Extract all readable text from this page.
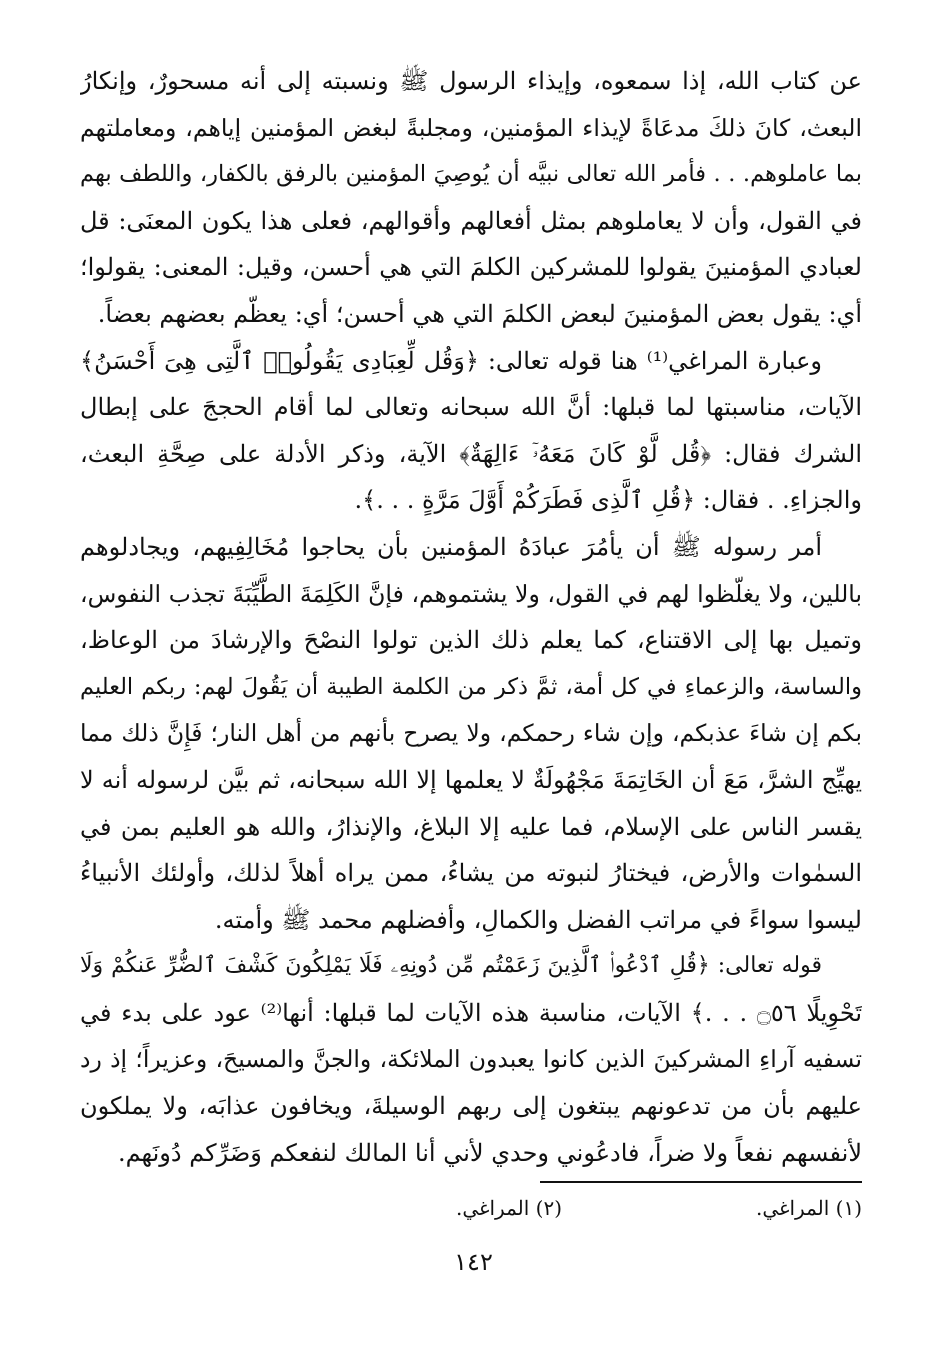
عن كتاب الله، إذا سمعوه، وإيذاء الرسول ﷺ ونسبته إلى أنه مسحورٌ، وإنكارُ
البعث، كانَ ذلكَ مدعَاةً لإيذاء المؤمنين، ومجلبةً لبغض المؤمنين إياهم، ومعاملتهم
بما عاملوهم. . . فأمر الله تعالى نبيَّه أن يُوصِيَ المؤمنين بالرفق بالكفار، واللطف بهم
في القول، وأن لا يعاملوهم بمثل أفعالهم وأقوالهم، فعلى هذا يكون المعنَى: قل
لعبادي المؤمنينَ يقولوا للمشركين الكلمَ التي هي أحسن، وقيل: المعنى: يقولوا؛
أي: يقول بعض المؤمنينَ لبعض الكلمَ التي هي أحسن؛ أي: يعظّم بعضهم بعضاً.
وعبارة المراغي⁽¹⁾ هنا قوله تعالى: ﴿وَقُل لِّعِبَادِى يَقُولُوا۟ ٱلَّتِى هِىَ أَحْسَنُ﴾
الآيات، مناسبتها لما قبلها: أنَّ الله سبحانه وتعالى لما أقام الحججَ على إبطال
الشرك فقال: ﴿قُل لَّوْ كَانَ مَعَهُۥٓ ءَالِهَةٌ﴾ الآية، وذكر الأدلة على صِحَّةِ البعث،
والجزاءِ. . فقال: ﴿قُلِ ٱلَّذِى فَطَرَكُمْ أَوَّلَ مَرَّةٍ . . .﴾.
أمر رسوله ﷺ أن يأمُرَ عبادَهُ المؤمنين بأن يحاجوا مُخَالِفِيهم، ويجادلوهم
باللين، ولا يغلّظوا لهم في القول، ولا يشتموهم، فإنَّ الكَلِمَةَ الطَّيِّبَةَ تجذب النفوس،
وتميل بها إلى الاقتناع، كما يعلم ذلك الذين تولوا النصْحَ والإرشادَ من الوعاظ،
والساسة، والزعماءِ في كل أمة، ثمَّ ذكر من الكلمة الطيبة أن يَقُولَ لهم: ربكم العليم
بكم إن شاءَ عذبكم، وإن شاء رحمكم، ولا يصرح بأنهم من أهل النار؛ فَإِنَّ ذلك مما
يهيِّج الشرَّ، مَعَ أن الخَاتِمَةَ مَجْهُولَةٌ لا يعلمها إلا الله سبحانه، ثم بيَّن لرسوله أنه لا
يقسر الناس على الإسلام، فما عليه إلا البلاغ، والإنذارُ، والله هو العليم بمن في
السمٰوات والأرض، فيختارُ لنبوته من يشاءُ، ممن يراه أهلاً لذلك، وأولئك الأنبياءُ
ليسوا سواءً في مراتب الفضل والكمالِ، وأفضلهم محمد ﷺ وأمته.
قوله تعالى: ﴿قُلِ ٱدْعُوا۟ ٱلَّذِينَ زَعَمْتُم مِّن دُونِهِۦ فَلَا يَمْلِكُونَ كَشْفَ ٱلضُّرِّ عَنكُمْ وَلَا
تَحْوِيلًا ۝٥٦ . . .﴾ الآيات، مناسبة هذه الآيات لما قبلها: أنها⁽²⁾ عود على بدء في
تسفيه آراءِ المشركينَ الذين كانوا يعبدون الملائكة، والجنَّ والمسيحَ، وعزيراً؛ إذ رد
عليهم بأن من تدعونهم يبتغون إلى ربهم الوسيلةَ، ويخافون عذابَه، ولا يملكون
لأنفسهم نفعاً ولا ضراً، فادعُوني وحدي لأني أنا المالك لنفعكم وَضَرِّكم دُونَهم.
(١) المراغي.
(٢) المراغي.
١٤٢
